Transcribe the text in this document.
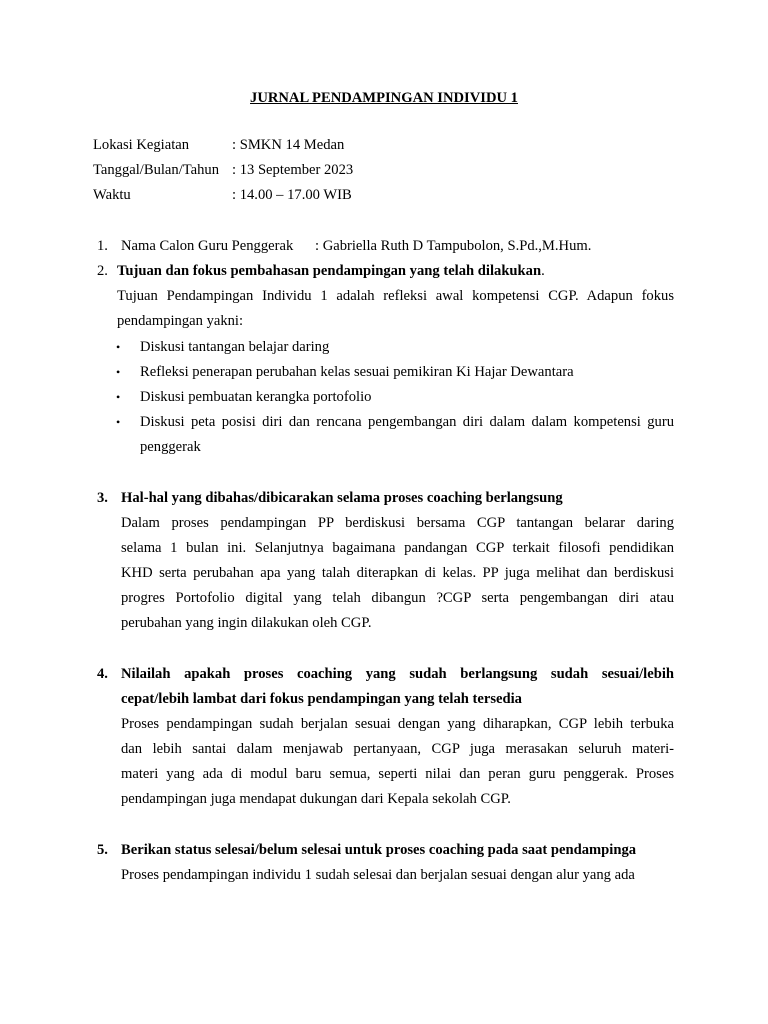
JURNAL PENDAMPINGAN INDIVIDU 1
Lokasi Kegiatan	: SMKN 14 Medan
Tanggal/Bulan/Tahun : 13 September 2023
Waktu	: 14.00 – 17.00 WIB
1. Nama Calon Guru Penggerak : Gabriella Ruth D Tampubolon, S.Pd.,M.Hum.
2. Tujuan dan fokus pembahasan pendampingan yang telah dilakukan.
Tujuan Pendampingan Individu 1 adalah refleksi awal kompetensi CGP. Adapun fokus
pendampingan yakni:
• Diskusi tantangan belajar daring
• Refleksi penerapan perubahan kelas sesuai pemikiran Ki Hajar Dewantara
• Diskusi pembuatan kerangka portofolio
• Diskusi peta posisi diri dan rencana pengembangan diri dalam dalam kompetensi guru
penggerak
3. Hal-hal yang dibahas/dibicarakan selama proses coaching berlangsung
Dalam proses pendampingan PP berdiskusi bersama CGP tantangan belarar daring
selama 1 bulan ini. Selanjutnya bagaimana pandangan CGP terkait filosofi pendidikan
KHD serta perubahan apa yang talah diterapkan di kelas. PP juga melihat dan berdiskusi
progres Portofolio digital yang telah dibangun ?CGP serta pengembangan diri atau
perubahan yang ingin dilakukan oleh CGP.
4. Nilailah apakah proses coaching yang sudah berlangsung sudah sesuai/lebih
cepat/lebih lambat dari fokus pendampingan yang telah tersedia
Proses pendampingan sudah berjalan sesuai dengan yang diharapkan, CGP lebih terbuka
dan lebih santai dalam menjawab pertanyaan, CGP juga merasakan seluruh materi-
materi yang ada di modul baru semua, seperti nilai dan peran guru penggerak. Proses
pendampingan juga mendapat dukungan dari Kepala sekolah CGP.
5. Berikan status selesai/belum selesai untuk proses coaching pada saat pendampinga
Proses pendampingan individu 1 sudah selesai dan berjalan sesuai dengan alur yang ada
